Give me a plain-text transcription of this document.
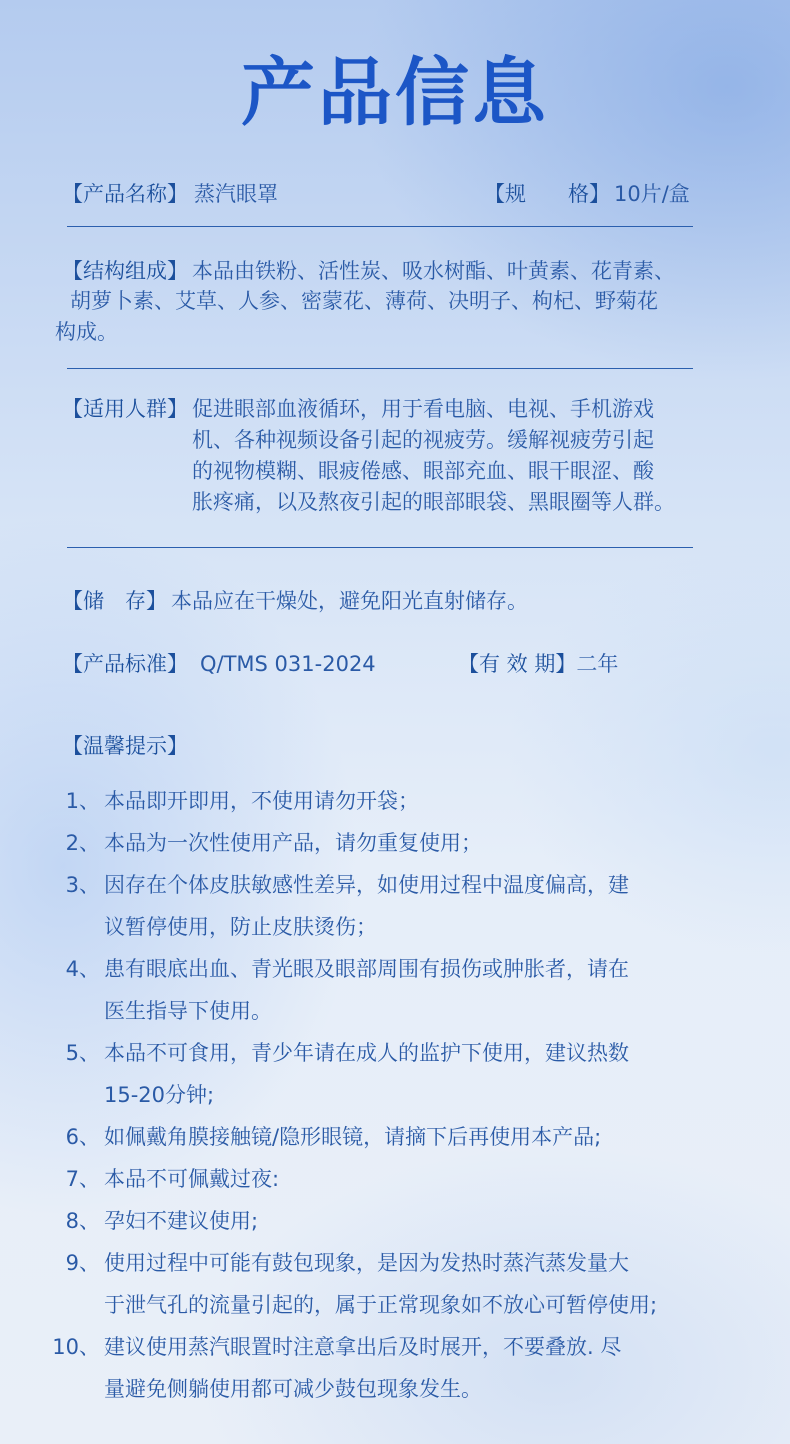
产品信息
【产品名称】 蒸汽眼罩	【规　　格】 10片/盒
【结构组成】 本品由铁粉、活性炭、吸水树酯、叶黄素、花青素、
胡萝卜素、艾草、人参、密蒙花、薄荷、决明子、枸杞、野菊花
构成。
【适用人群】 促进眼部血液循环，用于看电脑、电视、手机游戏
机、各种视频设备引起的视疲劳。缓解视疲劳引起
的视物模糊、眼疲倦感、眼部充血、眼干眼涩、酸
胀疼痛，以及熬夜引起的眼部眼袋、黑眼圈等人群。
【储　存】 本品应在干燥处，避免阳光直射储存。
【产品标准】 Q/TMS 031-2024	【有 效 期】二年
【温馨提示】
1、 本品即开即用，不使用请勿开袋；
2、 本品为一次性使用产品，请勿重复使用；
3、 因存在个体皮肤敏感性差异，如使用过程中温度偏高，建
议暂停使用，防止皮肤烫伤；
4、 患有眼底出血、青光眼及眼部周围有损伤或肿胀者，请在
医生指导下使用。
5、 本品不可食用，青少年请在成人的监护下使用，建议热数
15-20分钟;
6、 如佩戴角膜接触镜/隐形眼镜，请摘下后再使用本产品;
7、 本品不可佩戴过夜:
8、 孕妇不建议使用;
9、 使用过程中可能有鼓包现象，是因为发热时蒸汽蒸发量大
于泄气孔的流量引起的，属于正常现象如不放心可暂停使用;
10、 建议使用蒸汽眼置时注意拿出后及时展开，不要叠放. 尽
量避免侧躺使用都可减少鼓包现象发生。
